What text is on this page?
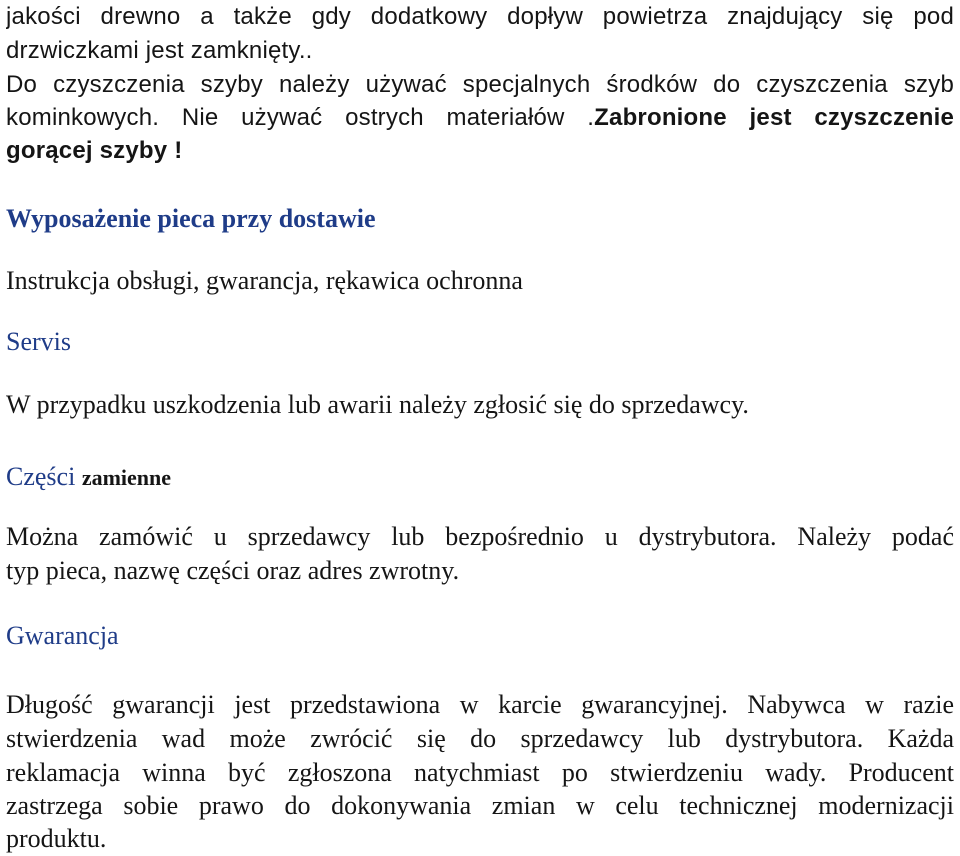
jakości drewno a także gdy dodatkowy dopływ powietrza znajdujący się pod
drzwiczkami jest zamknięty..
Do czyszczenia szyby należy używać specjalnych środków do czyszczenia szyb
kominkowych. Nie używać ostrych materiałów .Zabronione jest czyszczenie
gorącej szyby !
Wyposażenie pieca przy dostawie
Instrukcja obsługi, gwarancja, rękawica ochronna
Servis
W przypadku uszkodzenia lub awarii należy zgłosić się do sprzedawcy.
Części zamienne
Można zamówić u sprzedawcy lub bezpośrednio u dystrybutora. Należy podać
typ pieca, nazwę części oraz adres zwrotny.
Gwarancja
Długość gwarancji jest przedstawiona w karcie gwarancyjnej. Nabywca w razie
stwierdzenia wad może zwrócić się do sprzedawcy lub dystrybutora. Każda
reklamacja winna być zgłoszona natychmiast po stwierdzeniu wady. Producent
zastrzega sobie prawo do dokonywania zmian w celu technicznej modernizacji
produktu.
